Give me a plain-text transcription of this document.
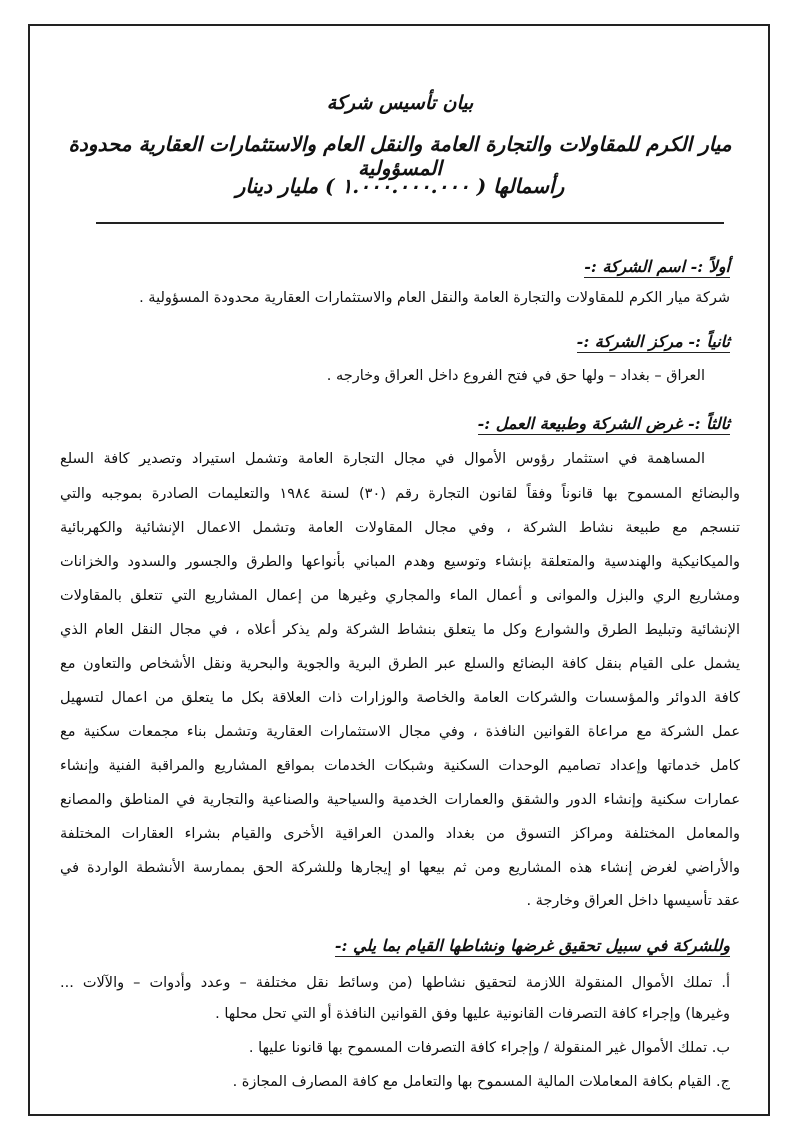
بيان تأسيس شركة
ميار الكرم للمقاولات والتجارة العامة والنقل العام والاستثمارات العقارية محدودة المسؤولية
رأسمالها ( ١.٠٠٠.٠٠٠.٠٠٠ ) مليار دينار
أولاً :- اسم الشركة :-
شركة ميار الكرم للمقاولات والتجارة العامة والنقل العام والاستثمارات العقارية محدودة المسؤولية .
ثانياً :- مركز الشركة :-
العراق – بغداد – ولها حق في فتح الفروع داخل العراق وخارجه .
ثالثاً :- غرض الشركة وطبيعة العمل :-
المساهمة في استثمار رؤوس الأموال في مجال التجارة العامة وتشمل استيراد وتصدير كافة السلع
والبضائع المسموح بها قانوناً وفقاً لقانون التجارة رقم (٣٠) لسنة ١٩٨٤ والتعليمات الصادرة بموجبه والتي
تنسجم مع طبيعة نشاط الشركة ، وفي مجال المقاولات العامة وتشمل الاعمال الإنشائية والكهربائية
والميكانيكية والهندسية والمتعلقة بإنشاء وتوسيع وهدم المباني بأنواعها والطرق والجسور والسدود والخزانات
ومشاريع الري والبزل والموانى و أعمال الماء والمجاري وغيرها من إعمال المشاريع التي تتعلق بالمقاولات
الإنشائية وتبليط الطرق والشوارع وكل ما يتعلق بنشاط الشركة ولم يذكر أعلاه ، في مجال النقل العام الذي
يشمل على القيام بنقل كافة البضائع والسلع عبر الطرق البرية والجوية والبحرية ونقل الأشخاص والتعاون مع
كافة الدوائر والمؤسسات والشركات العامة والخاصة والوزارات ذات العلاقة بكل ما يتعلق من اعمال لتسهيل
عمل الشركة مع مراعاة القوانين النافذة ، وفي مجال الاستثمارات العقارية وتشمل بناء مجمعات سكنية مع
كامل خدماتها وإعداد تصاميم الوحدات السكنية وشبكات الخدمات بمواقع المشاريع والمراقبة الفنية وإنشاء
عمارات سكنية وإنشاء الدور والشقق والعمارات الخدمية والسياحية والصناعية والتجارية في المناطق والمصانع
والمعامل المختلفة ومراكز التسوق من بغداد والمدن العراقية الأخرى والقيام بشراء العقارات المختلفة
والأراضي لغرض إنشاء هذه المشاريع ومن ثم بيعها او إيجارها وللشركة الحق بممارسة الأنشطة الواردة في
عقد تأسيسها داخل العراق وخارجة .
وللشركة في سبيل تحقيق غرضها ونشاطها القيام بما يلي :-
أ. تملك الأموال المنقولة اللازمة لتحقيق نشاطها (من وسائط نقل مختلفة – وعدد وأدوات – والآلات ...
وغيرها) وإجراء كافة التصرفات القانونية عليها وفق القوانين النافذة أو التي تحل محلها .
ب. تملك الأموال غير المنقولة / وإجراء كافة التصرفات المسموح بها قانونا عليها .
ج. القيام بكافة المعاملات المالية المسموح بها والتعامل مع كافة المصارف المجازة .
